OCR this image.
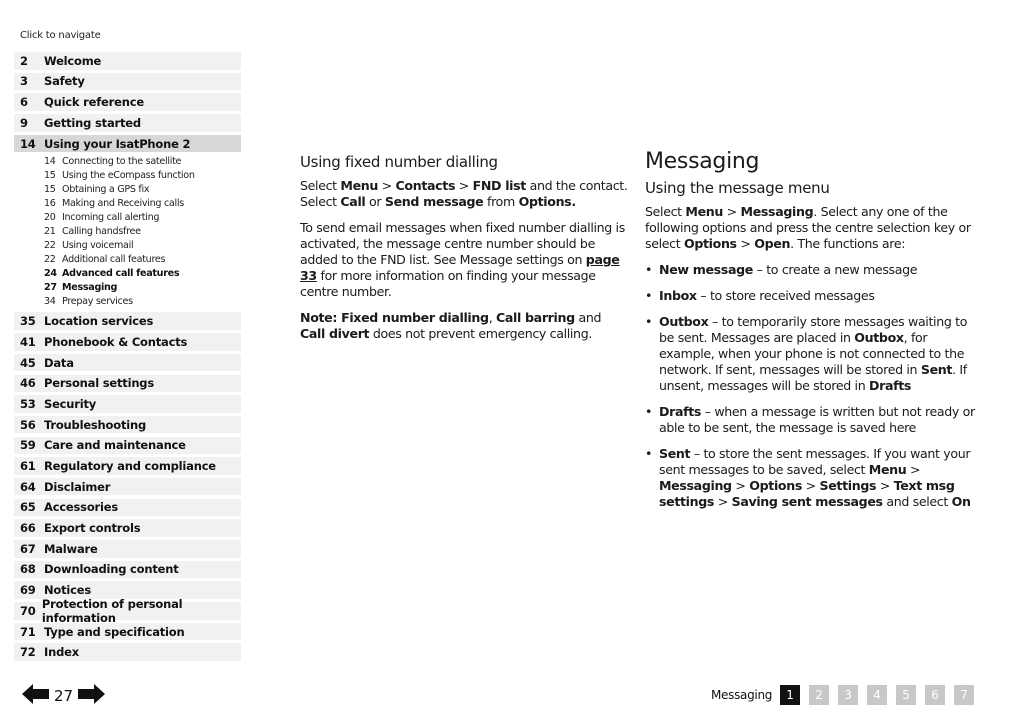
Click to navigate
2	Welcome
3	Safety
6	Quick reference
9	Getting started
14 Using your IsatPhone 2
14 Connecting to the satellite
15 Using the eCompass function
15 Obtaining a GPS fix
16 Making and Receiving calls
20 Incoming call alerting
21 Calling handsfree
22 Using voicemail
22 Additional call features
24 Advanced call features
27 Messaging
34 Prepay services
35 Location services
41 Phonebook & Contacts
45 Data
46 Personal settings
53 Security
56 Troubleshooting
59 Care and maintenance
61 Regulatory and compliance
64 Disclaimer
65 Accessories
66 Export controls
67 Malware
68 Downloading content
69 Notices
70 Protection of personal information
71 Type and specification
72 Index
Using fixed number dialling

Select Menu > Contacts > FND list and the contact.
Select Call or Send message from Options.

To send email messages when fixed number dialling is activated, the message centre number should be added to the FND list. See Message settings on page 33 for more information on finding your message centre number.

Note: Fixed number dialling, Call barring and
Call divert does not prevent emergency calling.

Messaging
Using the message menu

Select Menu > Messaging. Select any one of the following options and press the centre selection key or select Options > Open. The functions are:

• New message – to create a new message
• Inbox – to store received messages
• Outbox – to temporarily store messages waiting to be sent. Messages are placed in Outbox, for example, when your phone is not connected to the network. If sent, messages will be stored in Sent. If unsent, messages will be stored in Drafts
• Drafts – when a message is written but not ready or able to be sent, the message is saved here
• Sent – to store the sent messages. If you want your sent messages to be saved, select Menu > Messaging > Options > Settings > Text msg settings > Saving sent messages and select On
27	Messaging	1	2	3	4	5	6	7
